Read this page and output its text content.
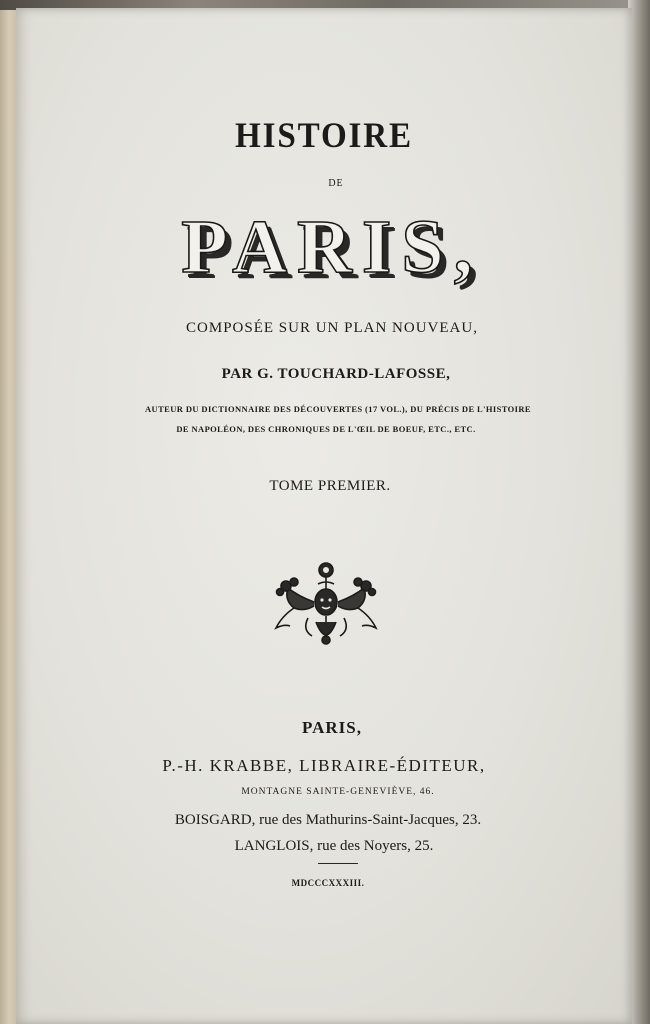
HISTOIRE
DE
PARIS,
COMPOSÉE SUR UN PLAN NOUVEAU,
PAR G. TOUCHARD-LAFOSSE,
AUTEUR DU DICTIONNAIRE DES DÉCOUVERTES (17 VOL.), DU PRÉCIS DE L'HISTOIRE
DE NAPOLÉON, DES CHRONIQUES DE L'ŒIL DE BOEUF, ETC., ETC.
TOME PREMIER.
PARIS,
P.-H. KRABBE, LIBRAIRE-ÉDITEUR,
MONTAGNE SAINTE-GENEVIÈVE, 46.
BOISGARD, rue des Mathurins-Saint-Jacques, 23.
LANGLOIS, rue des Noyers, 25.
MDCCCXXXIII.
